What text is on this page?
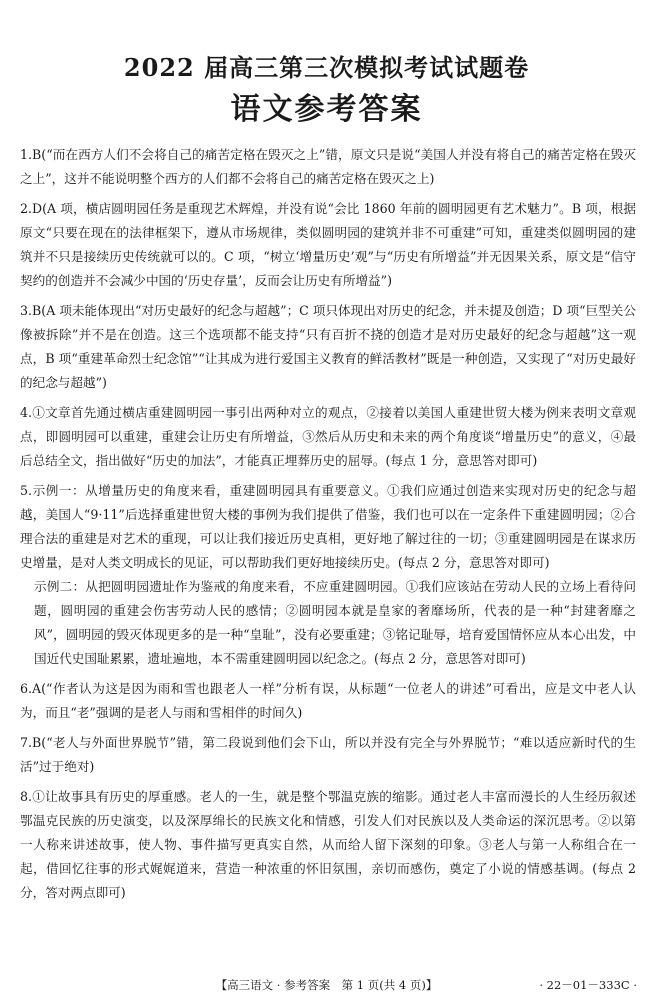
2022 届高三第三次模拟考试试题卷
语文参考答案

1.B(“而在西方人们不会将自己的痛苦定格在毁灭之上”错，原文只是说“美国人并没有将自己的痛苦定格在毁灭之上”，这并不能说明整个西方的人们都不会将自己的痛苦定格在毁灭之上)

2.D(A 项，横店圆明园任务是重现艺术辉煌，并没有说“会比 1860 年前的圆明园更有艺术魅力”。B 项，根据原文“只要在现在的法律框架下，遵从市场规律，类似圆明园的建筑并非不可重建”可知，重建类似圆明园的建筑并不只是接续历史传统就可以的。C 项，“树立‘增量历史’观”与“历史有所增益”并无因果关系，原文是“信守契约的创造并不会减少中国的‘历史存量’，反而会让历史有所增益”)

3.B(A 项未能体现出“对历史最好的纪念与超越”；C 项只体现出对历史的纪念，并未提及创造；D 项“巨型关公像被拆除”并不是在创造。这三个选项都不能支持“只有百折不挠的创造才是对历史最好的纪念与超越”这一观点，B 项“重建革命烈士纪念馆”“让其成为进行爱国主义教育的鲜活教材”既是一种创造，又实现了“对历史最好的纪念与超越”)

4.①文章首先通过横店重建圆明园一事引出两种对立的观点，②接着以美国人重建世贸大楼为例来表明文章观点，即圆明园可以重建，重建会让历史有所增益，③然后从历史和未来的两个角度谈“增量历史”的意义，④最后总结全文，指出做好“历史的加法”，才能真正埋葬历史的屈辱。(每点 1 分，意思答对即可)

5.示例一：从增量历史的角度来看，重建圆明园具有重要意义。①我们应通过创造来实现对历史的纪念与超越，美国人“9·11”后选择重建世贸大楼的事例为我们提供了借鉴，我们也可以在一定条件下重建圆明园；②合理合法的重建是对艺术的重现，可以让我们接近历史真相，更好地了解过往的一切；③重建圆明园是在谋求历史增量，是对人类文明成长的见证，可以帮助我们更好地接续历史。(每点 2 分，意思答对即可)

示例二：从把圆明园遗址作为鉴戒的角度来看，不应重建圆明园。①我们应该站在劳动人民的立场上看待问题，圆明园的重建会伤害劳动人民的感情；②圆明园本就是皇家的奢靡场所，代表的是一种“封建奢靡之风”，圆明园的毁灭体现更多的是一种“皇耻”，没有必要重建；③铭记耻辱，培育爱国情怀应从本心出发，中国近代史国耻累累，遗址遍地，本不需重建圆明园以纪念之。(每点 2 分，意思答对即可)

6.A(“作者认为这是因为雨和雪也跟老人一样”分析有误，从标题“一位老人的讲述”可看出，应是文中老人认为，而且“老”强调的是老人与雨和雪相伴的时间久)

7.B(“老人与外面世界脱节”错，第二段说到他们会下山，所以并没有完全与外界脱节；“难以适应新时代的生活”过于绝对)

8.①让故事具有历史的厚重感。老人的一生，就是整个鄂温克族的缩影。通过老人丰富而漫长的人生经历叙述鄂温克民族的历史演变，以及深厚绵长的民族文化和情感，引发人们对民族以及人类命运的深沉思考。②以第一人称来讲述故事，使人物、事件描写更真实自然，从而给人留下深刻的印象。③老人与第一人称组合在一起，借回忆往事的形式娓娓道来，营造一种浓重的怀旧氛围，亲切而感伤，奠定了小说的情感基调。(每点 2 分，答对两点即可)

【高三语文 · 参考答案　第 1 页(共 4 页)】	· 22－01－333C ·
